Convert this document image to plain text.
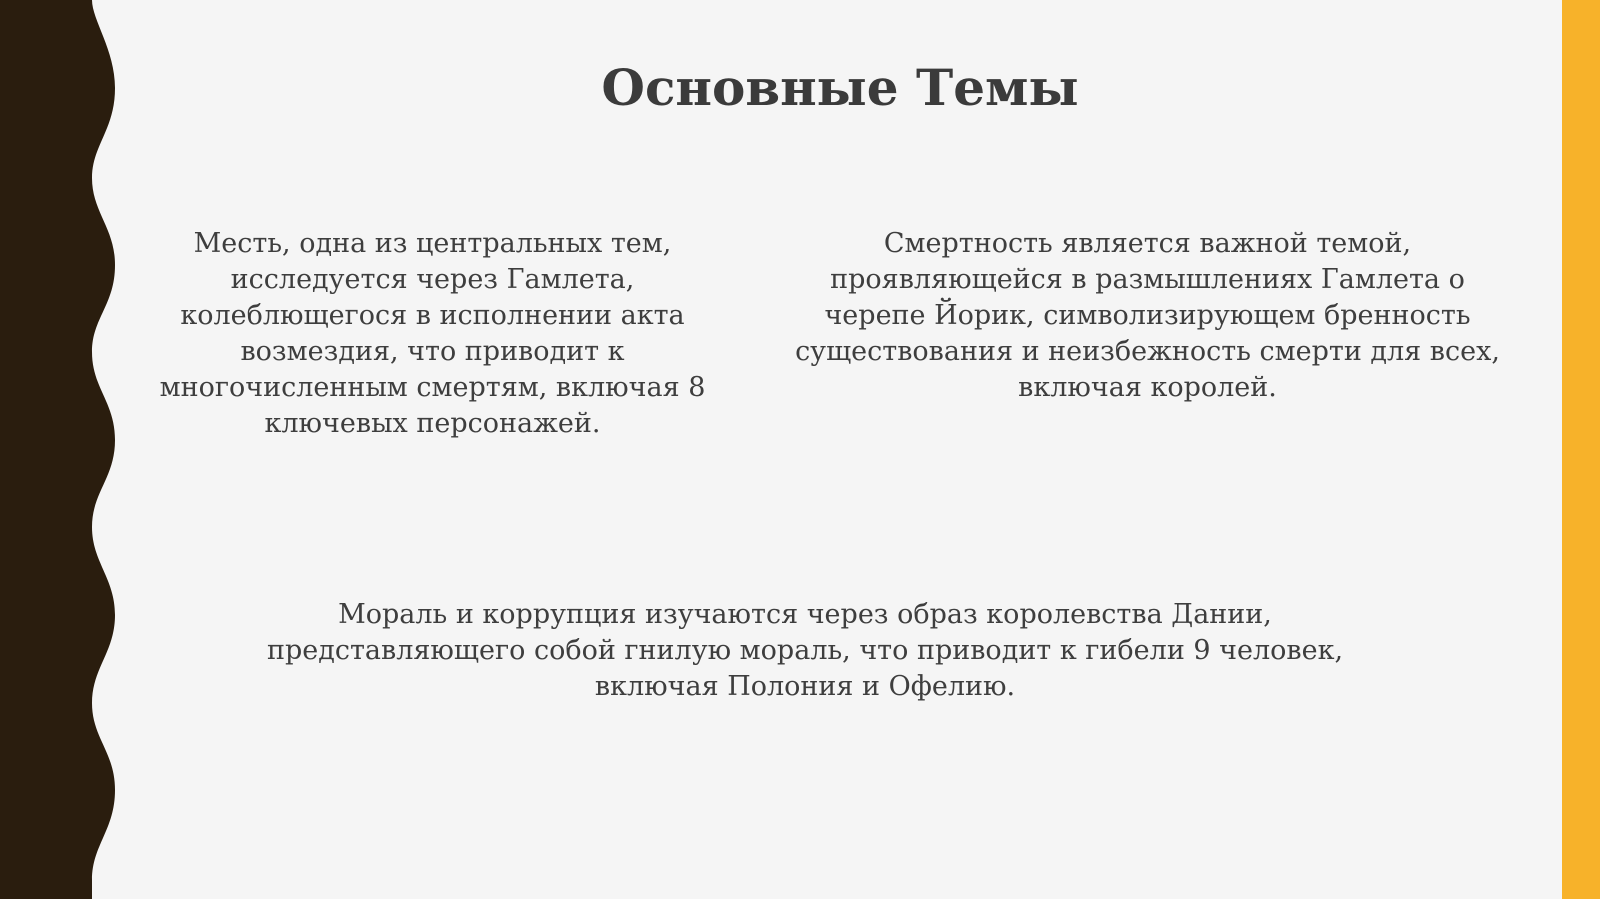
Основные Темы

Месть, одна из центральных тем, исследуется через Гамлета, колеблющегося в исполнении акта возмездия, что приводит к многочисленным смертям, включая 8 ключевых персонажей.

Смертность является важной темой, проявляющейся в размышлениях Гамлета о черепе Йорик, символизирующем бренность существования и неизбежность смерти для всех, включая королей.

Мораль и коррупция изучаются через образ королевства Дании, представляющего собой гнилую мораль, что приводит к гибели 9 человек, включая Полония и Офелию.
